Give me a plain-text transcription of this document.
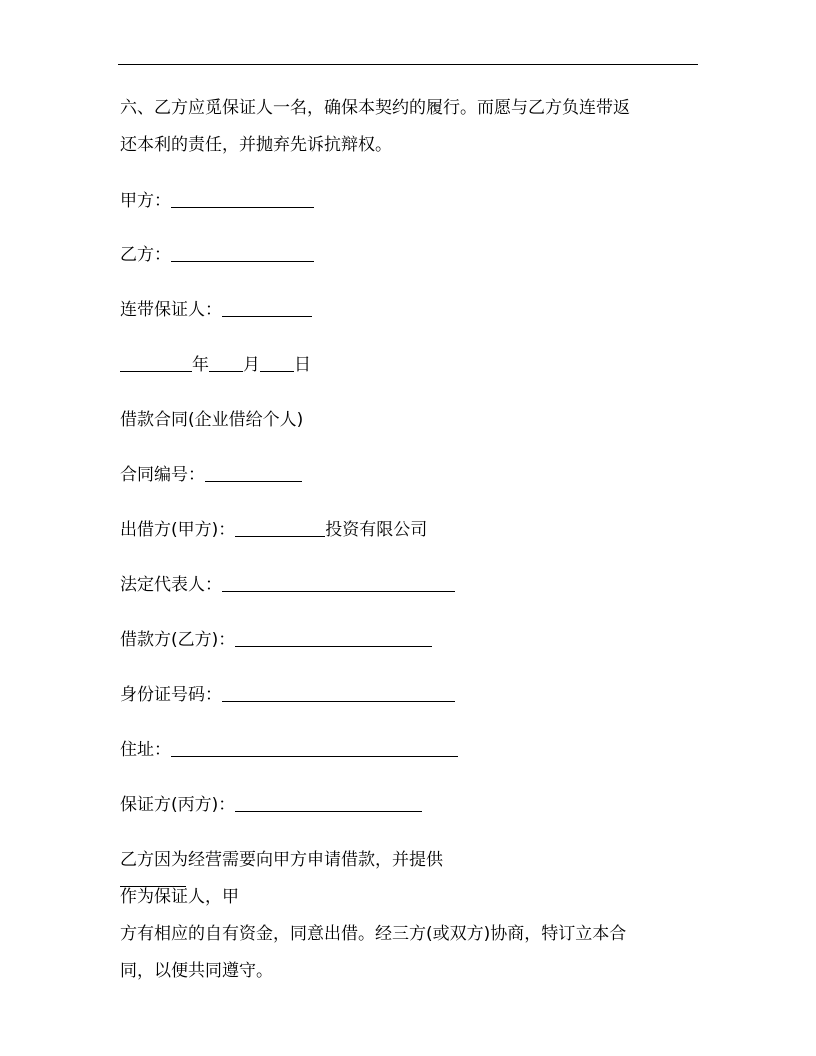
六、乙方应觅保证人一名，确保本契约的履行。而愿与乙方负连带返
还本利的责任，并抛弃先诉抗辩权。
甲方：
乙方：
连带保证人：
年 月 日
借款合同(企业借给个人)
合同编号：
出借方(甲方)：	投资有限公司
法定代表人：
借款方(乙方)：
身份证号码：
住址：
保证方(丙方)：
乙方因为经营需要向甲方申请借款，并提供
作为保证人，甲
方有相应的自有资金，同意出借。经三方(或双方)协商，特订立本合
同，以便共同遵守。
